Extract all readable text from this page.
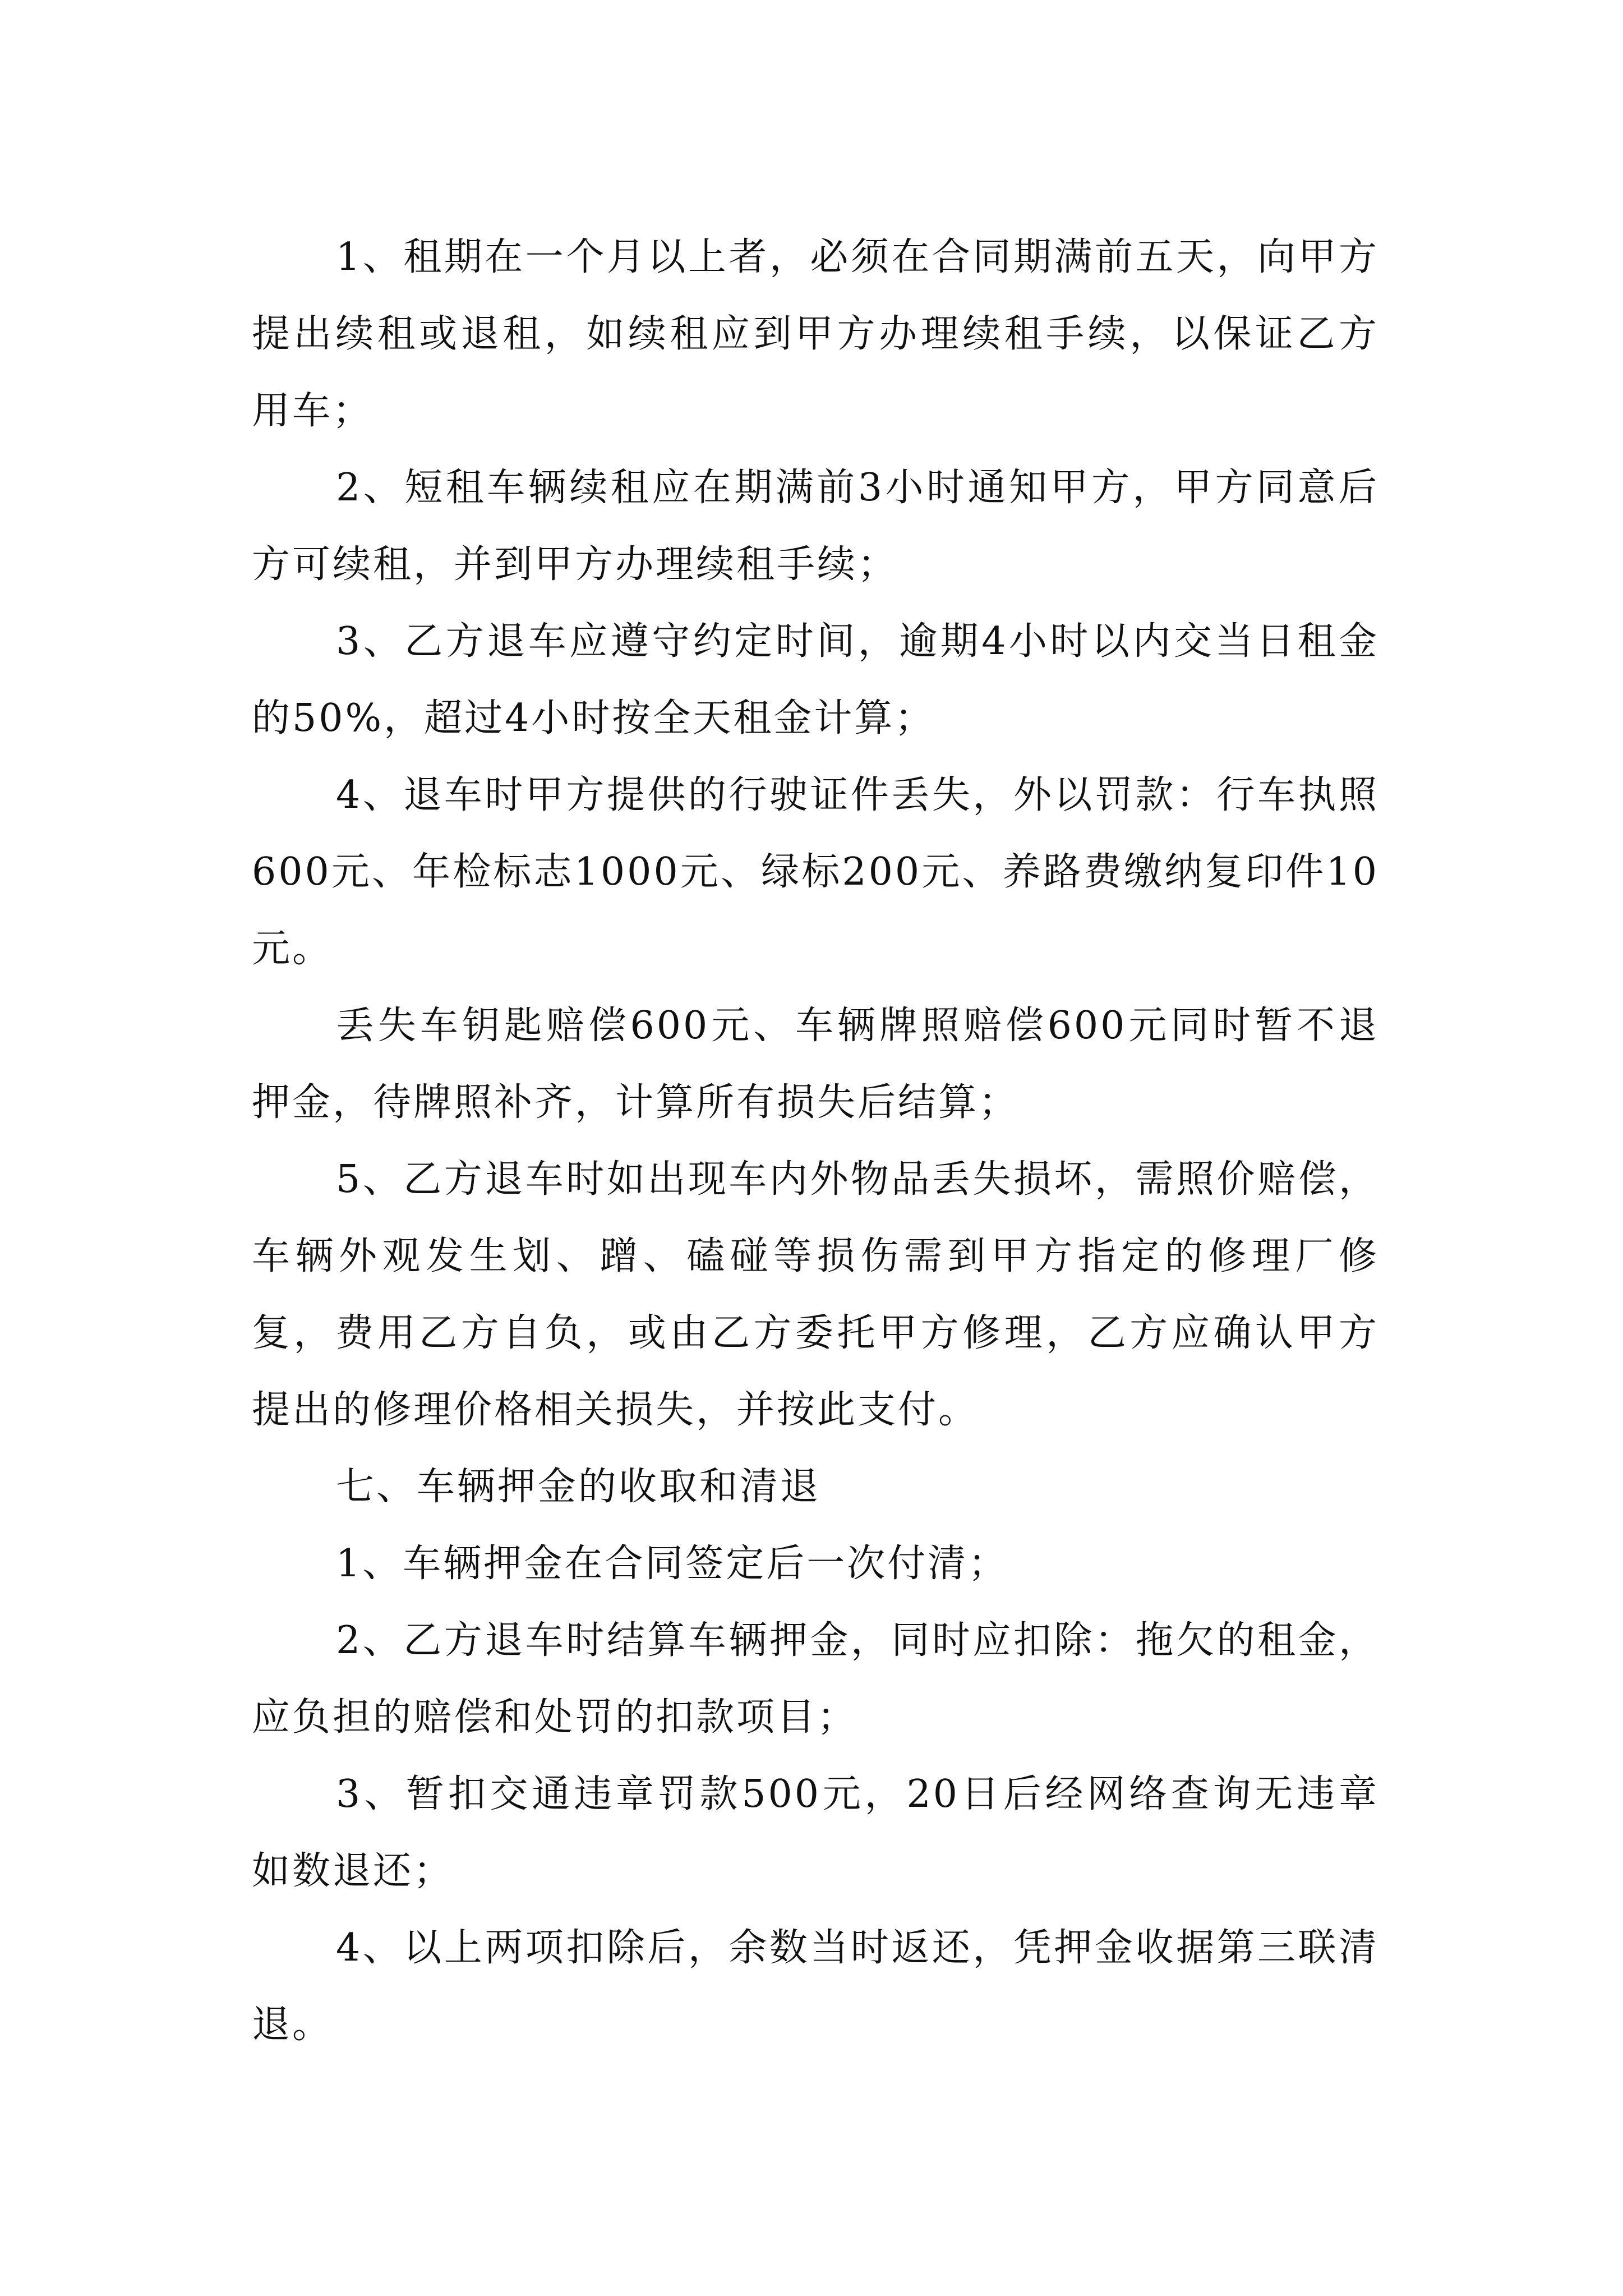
1、租期在一个月以上者，必须在合同期满前五天，向甲方提出续租或退租，如续租应到甲方办理续租手续，以保证乙方用车；

2、短租车辆续租应在期满前3小时通知甲方，甲方同意后方可续租，并到甲方办理续租手续；

3、乙方退车应遵守约定时间，逾期4小时以内交当日租金的50%，超过4小时按全天租金计算；

4、退车时甲方提供的行驶证件丢失，外以罚款：行车执照600元、年检标志1000元、绿标200元、养路费缴纳复印件10元。

丢失车钥匙赔偿600元、车辆牌照赔偿600元同时暂不退押金，待牌照补齐，计算所有损失后结算；

5、乙方退车时如出现车内外物品丢失损坏，需照价赔偿，车辆外观发生划、蹭、磕碰等损伤需到甲方指定的修理厂修复，费用乙方自负，或由乙方委托甲方修理，乙方应确认甲方提出的修理价格相关损失，并按此支付。

七、车辆押金的收取和清退

1、车辆押金在合同签定后一次付清；

2、乙方退车时结算车辆押金，同时应扣除：拖欠的租金，应负担的赔偿和处罚的扣款项目；

3、暂扣交通违章罚款500元，20日后经网络查询无违章如数退还；

4、以上两项扣除后，余数当时返还，凭押金收据第三联清退。
